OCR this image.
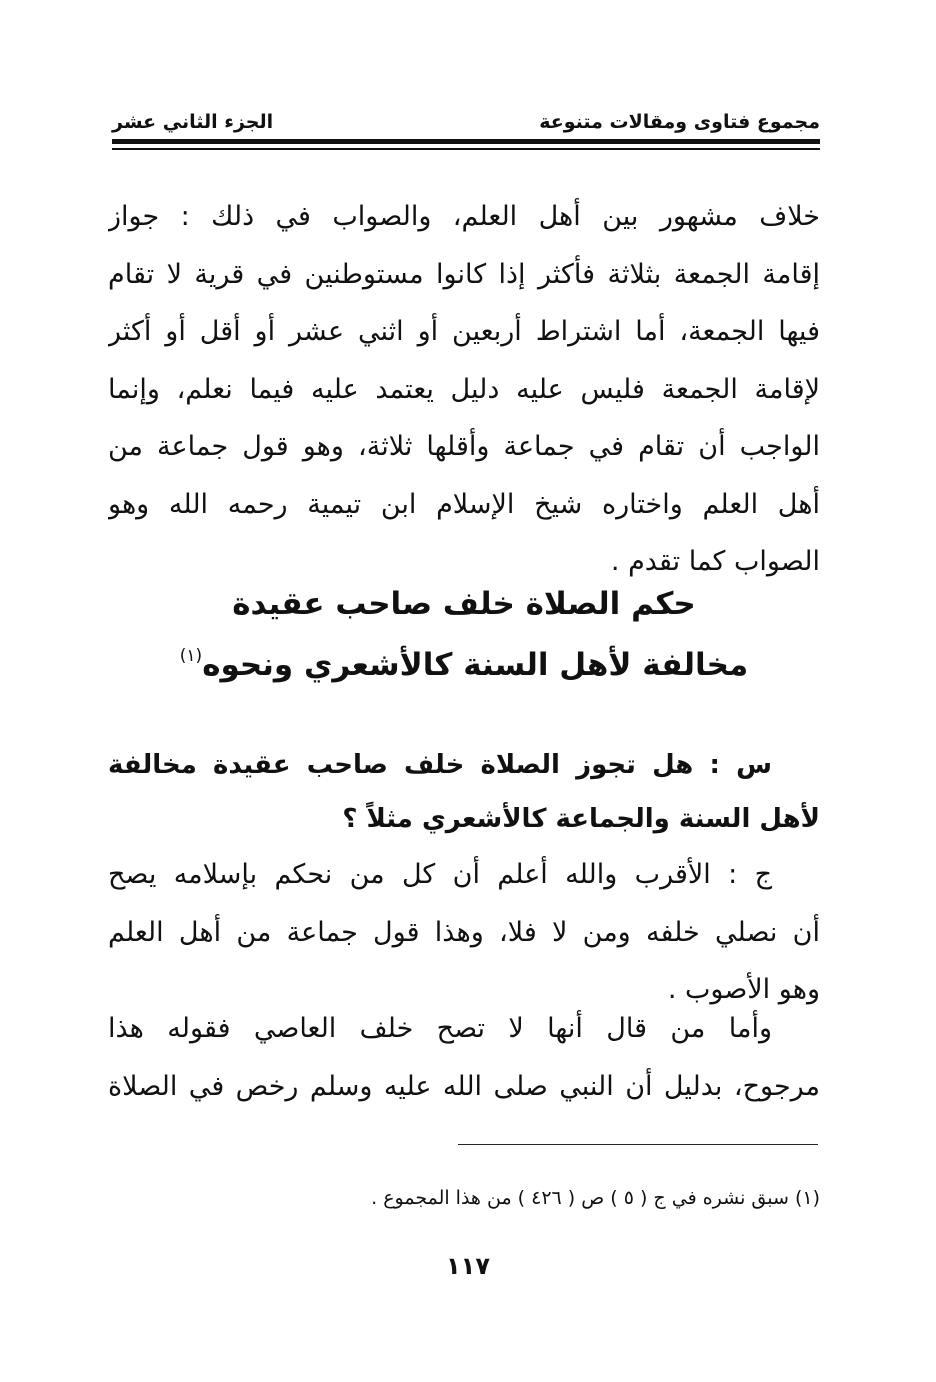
مجموع فتاوى ومقالات متنوعة
الجزء الثاني عشر
خلاف مشهور بين أهل العلم، والصواب في ذلك : جواز
إقامة الجمعة بثلاثة فأكثر إذا كانوا مستوطنين في قرية لا تقام
فيها الجمعة، أما اشتراط أربعين أو اثني عشر أو أقل أو أكثر
لإقامة الجمعة فليس عليه دليل يعتمد عليه فيما نعلم، وإنما
الواجب أن تقام في جماعة وأقلها ثلاثة، وهو قول جماعة من
أهل العلم واختاره شيخ الإسلام ابن تيمية رحمه الله وهو
الصواب كما تقدم .
حكم الصلاة خلف صاحب عقيدة
مخالفة لأهل السنة كالأشعري ونحوه$^{(١)}$
س : هل تجوز الصلاة خلف صاحب عقيدة مخالفة
لأهل السنة والجماعة كالأشعري مثلاً ؟
ج : الأقرب والله أعلم أن كل من نحكم بإسلامه يصح
أن نصلي خلفه ومن لا فلا، وهذا قول جماعة من أهل العلم
وهو الأصوب .
وأما من قال أنها لا تصح خلف العاصي فقوله هذا
مرجوح، بدليل أن النبي صلى الله عليه وسلم رخص في الصلاة
(١) سبق نشره في ج ( ٥ ) ص ( ٤٢٦ ) من هذا المجموع .
١١٧
